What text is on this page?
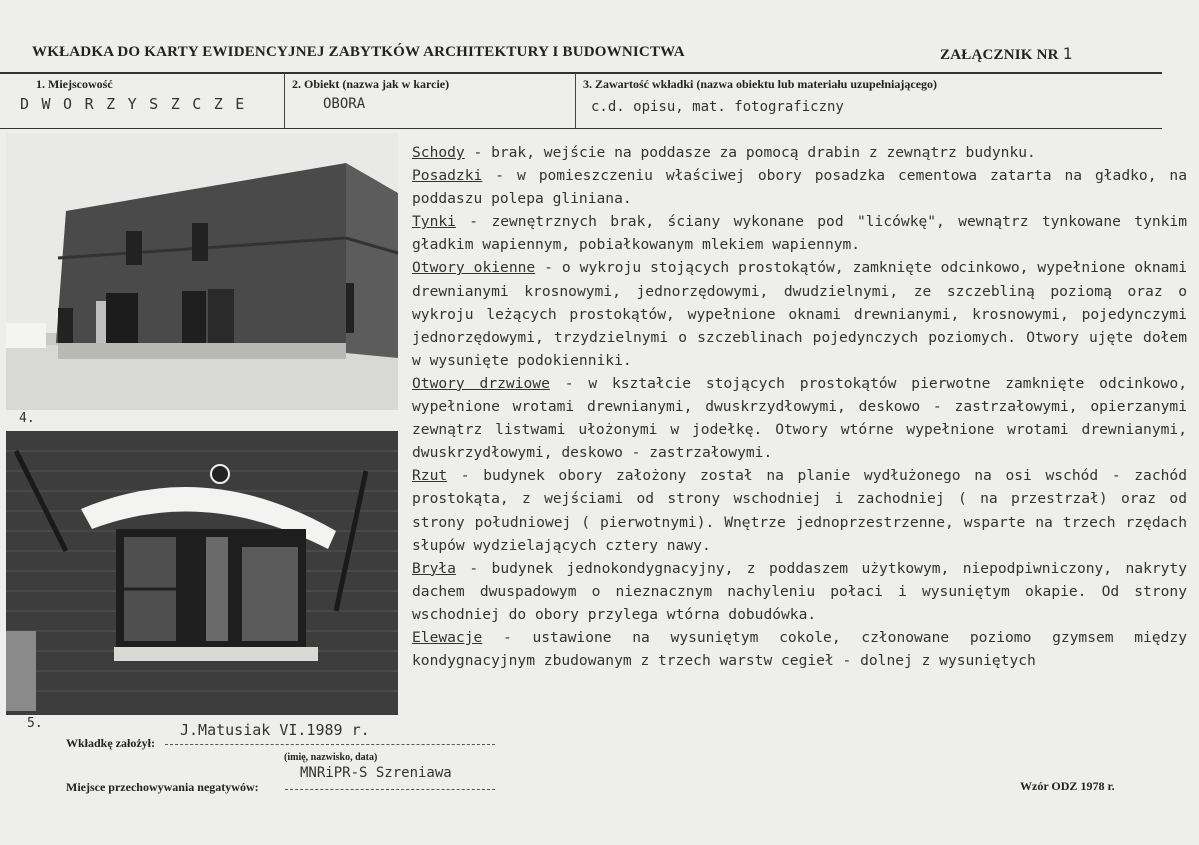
WKŁADKA DO KARTY EWIDENCYJNEJ ZABYTKÓW ARCHITEKTURY I BUDOWNICTWA	ZAŁĄCZNIK NR 1
1. Miejscowość
DWORZYSZCZE
2. Obiekt (nazwa jak w karcie)
OBORA
3. Zawartość wkładki (nazwa obiektu lub materiału uzupełniającego)
c.d. opisu, mat. fotograficzny
4.
5.

Schody - brak, wejście na poddasze za pomocą drabin z zewnątrz budynku.

Posadzki - w pomieszczeniu właściwej obory posadzka cementowa zatarta na gładko, na poddaszu polepa gliniana.

Tynki - zewnętrznych brak, ściany wykonane pod "licówkę", wewnątrz tynkowane tynkim gładkim wapiennym, pobiałkowanym mlekiem wapiennym.

Otwory okienne - o wykroju stojących prostokątów, zamknięte odcinkowo, wypełnione oknami drewnianymi krosnowymi, jednorzędowymi, dwudzielnymi, ze szczebliną poziomą oraz o wykroju leżących prostokątów, wypełnione oknami drewnianymi, krosnowymi, pojedynczymi jednorzędowymi, trzydzielnymi o szczeblinach pojedynczych poziomych. Otwory ujęte dołem w wysunięte podokienniki.

Otwory drzwiowe - w kształcie stojących prostokątów pierwotne zamknięte odcinkowo, wypełnione wrotami drewnianymi, dwuskrzydłowymi, deskowo - zastrzałowymi, opierzanymi zewnątrz listwami ułożonymi w jodełkę. Otwory wtórne wypełnione wrotami drewnianymi, dwuskrzydłowymi, deskowo - zastrzałowymi.

Rzut - budynek obory założony został na planie wydłużonego na osi wschód - zachód prostokąta, z wejściami od strony wschodniej i zachodniej ( na przestrzał) oraz od strony południowej ( pierwotnymi). Wnętrze jednoprzestrzenne, wsparte na trzech rzędach słupów wydzielających cztery nawy.

Bryła - budynek jednokondygnacyjny, z poddaszem użytkowym, niepodpiwniczony, nakryty dachem dwuspadowym o nieznacznym nachyleniu połaci i wysuniętym okapie. Od strony wschodniej do obory przylega wtórna dobudówka.

Elewacje - ustawione na wysuniętym cokole, członowane poziomo gzymsem między kondygnacyjnym zbudowanym z trzech warstw cegieł - dolnej z wysuniętych

Wkładkę założył:
J.Matusiak VI.1989 r.
(imię, nazwisko, data)
Miejsce przechowywania negatywów:
MNRiPR-S Szreniawa
Wzór ODZ 1978 r.
